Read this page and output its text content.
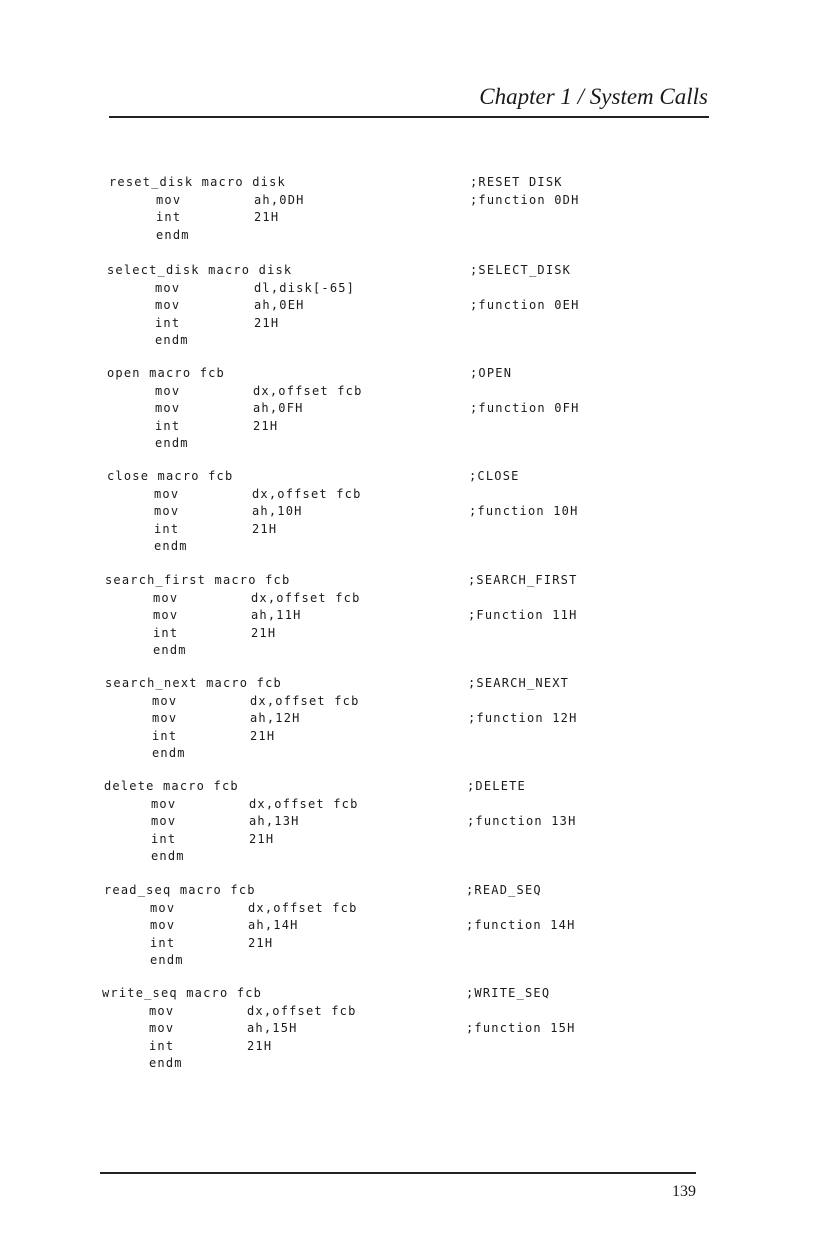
Chapter 1 / System Calls
reset_disk macro disk	;RESET DISK
mov	ah,0DH	;function 0DH
int	21H
endm
select_disk macro disk	;SELECT_DISK
mov	dl,disk[-65]
mov	ah,0EH	;function 0EH
int	21H
endm
open macro fcb	;OPEN
mov	dx,offset fcb
mov	ah,0FH	;function 0FH
int	21H
endm
close macro fcb	;CLOSE
mov	dx,offset fcb
mov	ah,10H	;function 10H
int	21H
endm
search_first macro fcb	;SEARCH_FIRST
mov	dx,offset fcb
mov	ah,11H	;Function 11H
int	21H
endm
search_next macro fcb	;SEARCH_NEXT
mov	dx,offset fcb
mov	ah,12H	;function 12H
int	21H
endm
delete macro fcb	;DELETE
mov	dx,offset fcb
mov	ah,13H	;function 13H
int	21H
endm
read_seq macro fcb	;READ_SEQ
mov	dx,offset fcb
mov	ah,14H	;function 14H
int	21H
endm
write_seq macro fcb	;WRITE_SEQ
mov	dx,offset fcb
mov	ah,15H	;function 15H
int	21H
endm
139
